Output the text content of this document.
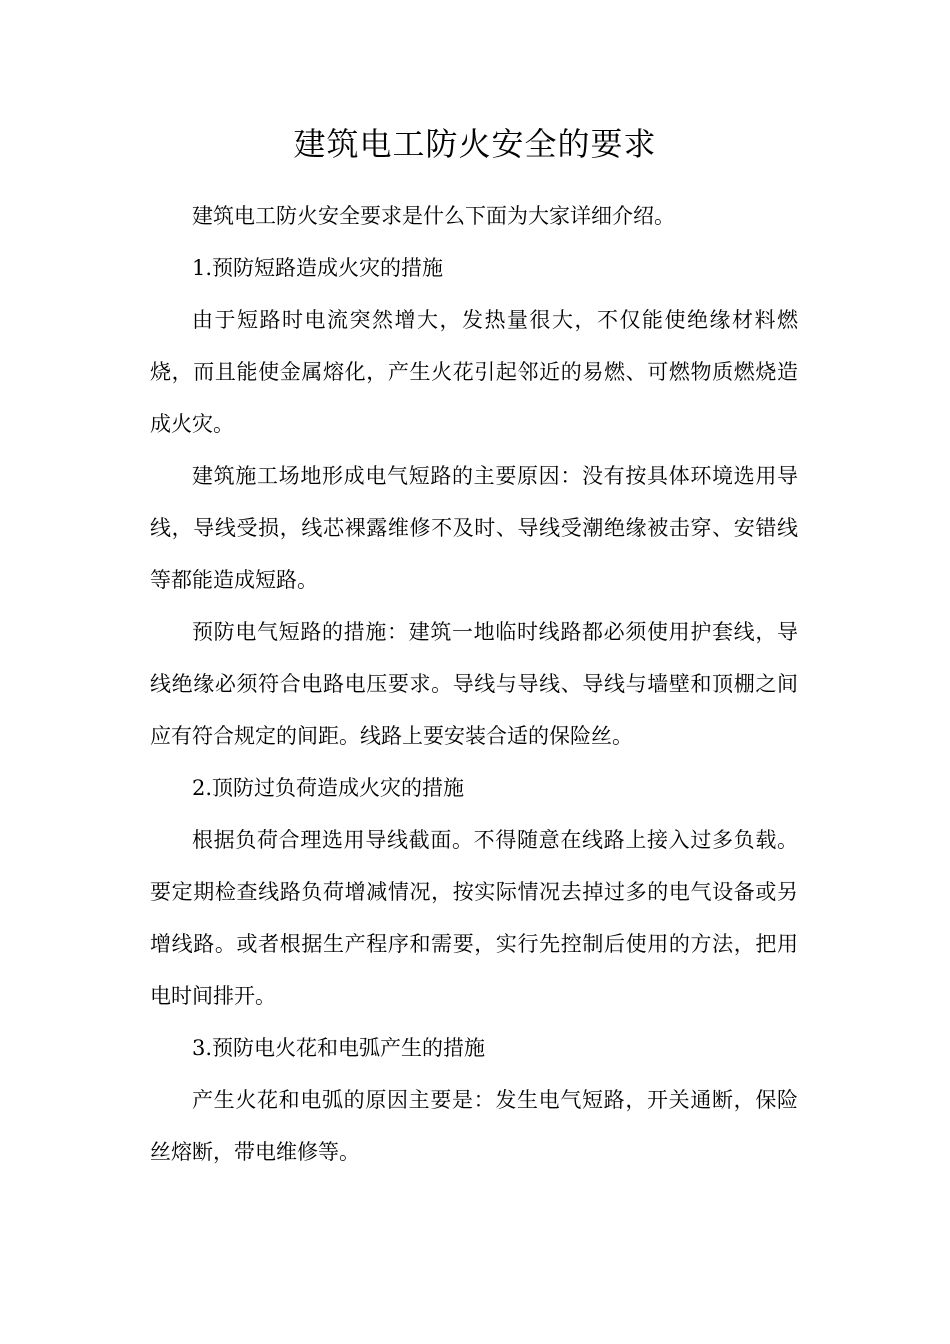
建筑电工防火安全的要求

建筑电工防火安全要求是什么下面为大家详细介绍。

1.预防短路造成火灾的措施

由于短路时电流突然增大，发热量很大，不仅能使绝缘材料燃烧，而且能使金属熔化，产生火花引起邻近的易燃、可燃物质燃烧造成火灾。

建筑施工场地形成电气短路的主要原因：没有按具体环境选用导线，导线受损，线芯裸露维修不及时、导线受潮绝缘被击穿、安错线等都能造成短路。

预防电气短路的措施：建筑一地临时线路都必须使用护套线，导线绝缘必须符合电路电压要求。导线与导线、导线与墙壁和顶棚之间应有符合规定的间距。线路上要安装合适的保险丝。

2.顶防过负荷造成火灾的措施

根据负荷合理选用导线截面。不得随意在线路上接入过多负载。要定期检查线路负荷增减情况，按实际情况去掉过多的电气设备或另增线路。或者根据生产程序和需要，实行先控制后使用的方法，把用电时间排开。

3.预防电火花和电弧产生的措施

产生火花和电弧的原因主要是：发生电气短路，开关通断，保险丝熔断，带电维修等。
